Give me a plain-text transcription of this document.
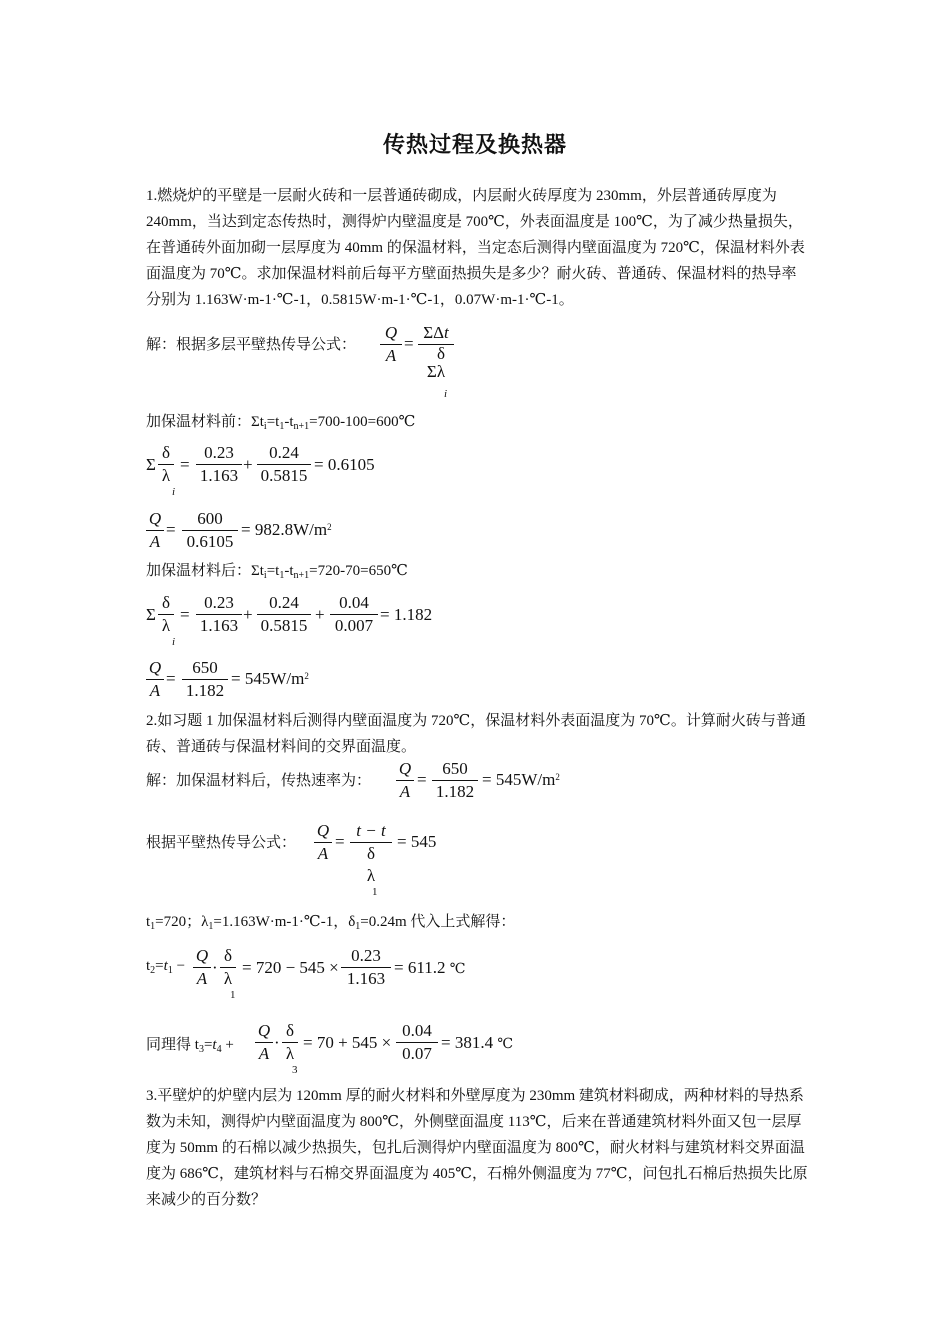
传热过程及换热器

1.燃烧炉的平壁是一层耐火砖和一层普通砖砌成，内层耐火砖厚度为 230mm，外层普通砖厚度为 240mm，当达到定态传热时，测得炉内壁温度是 700℃，外表面温度是 100℃，为了减少热量损失，在普通砖外面加砌一层厚度为 40mm 的保温材料，当定态后测得内壁面温度为 720℃，保温材料外表面温度为 70℃。求加保温材料前后每平方壁面热损失是多少？耐火砖、普通砖、保温材料的热导率分别为 1.163W·m-1·℃-1，0.5815W·m-1·℃-1，0.07W·m-1·℃-1。

解：根据多层平壁热传导公式： $\frac{Q}{A}$ =
ΣΔt
Σδ
λ
i
加保温材料前：$\Sigma t_i=t_1-t_{n+1}=700-100=600℃$
Σ $\frac{\delta}{\lambda}$
i
= $\frac{0.23}{1.163} + \frac{0.24}{0.5815} = 0.6105$
$\frac{Q}{A} = \frac{600}{0.6105} = 982.8W/m^2$
加保温材料后：$\Sigma t_i=t_1-t_{n+1}=720-70=650℃$
Σ $\frac{\delta}{\lambda}$
i
= $\frac{0.23}{1.163} + \frac{0.24}{0.5815} + \frac{0.04}{0.007} = 1.182$
$\frac{Q}{A} = \frac{650}{1.182} = 545W/m^2$

2.如习题 1 加保温材料后测得内壁面温度为 720℃，保温材料外表面温度为 70℃。计算耐火砖与普通砖、普通砖与保温材料间的交界面温度。

解：加保温材料后，传热速率为： $\frac{Q}{A} = \frac{650}{1.182} = 545W/m^2$
根据平壁热传导公式： $\frac{Q}{A}$ =
t − t
δ
λ
1
= 545
$t_1=720$；$\lambda_1=1.163W\cdot m-1\cdot℃-1$，$\delta_1=0.24m$ 代入上式解得：
$t_2=t_1 - \frac{Q}{A} \cdot \frac{\delta}{\lambda}$
1
= $720 - 545 \times \frac{0.23}{1.163} = 611.2$ ℃
同理得 $t_3=t_4 + \frac{Q}{A} \cdot \frac{\delta}{\lambda}$
3
= $70 + 545 \times \frac{0.04}{0.07} = 381.4$ ℃

3.平壁炉的炉壁内层为 120mm 厚的耐火材料和外壁厚度为 230mm 建筑材料砌成，两种材料的导热系数为未知，测得炉内壁面温度为 800℃，外侧壁面温度 113℃，后来在普通建筑材料外面又包一层厚度为 50mm 的石棉以减少热损失，包扎后测得炉内壁面温度为 800℃，耐火材料与建筑材料交界面温度为 686℃，建筑材料与石棉交界面温度为 405℃，石棉外侧温度为 77℃，问包扎石棉后热损失比原来减少的百分数？
